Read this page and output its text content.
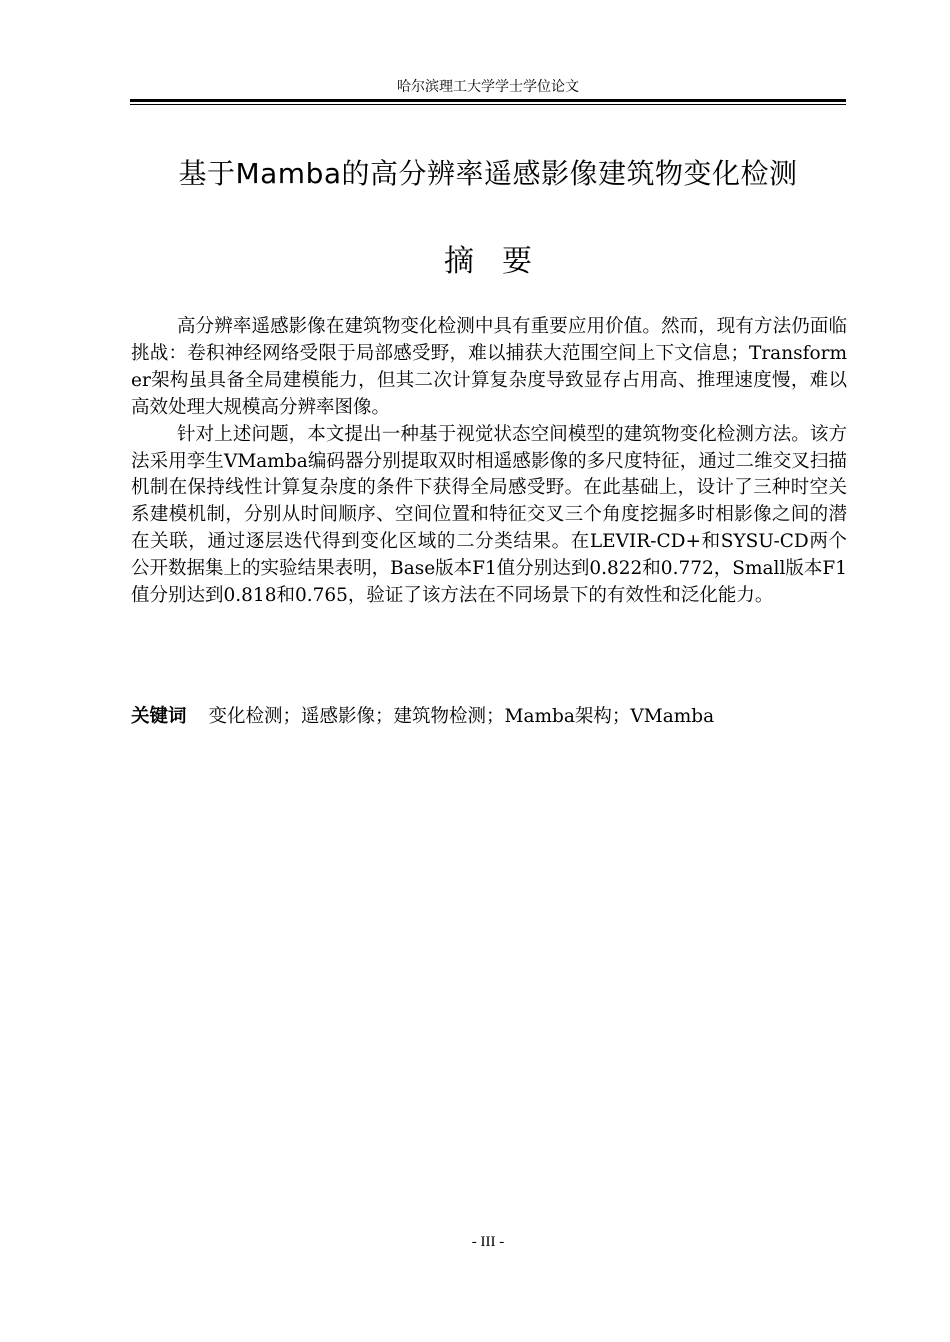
哈尔滨理工大学学士学位论文
基于Mamba的高分辨率遥感影像建筑物变化检测
摘要

高分辨率遥感影像在建筑物变化检测中具有重要应用价值。然而，现有方法仍面临挑战：卷积神经网络受限于局部感受野，难以捕获大范围空间上下文信息；Transformer架构虽具备全局建模能力，但其二次计算复杂度导致显存占用高、推理速度慢，难以高效处理大规模高分辨率图像。

针对上述问题，本文提出一种基于视觉状态空间模型的建筑物变化检测方法。该方法采用孪生VMamba编码器分别提取双时相遥感影像的多尺度特征，通过二维交叉扫描机制在保持线性计算复杂度的条件下获得全局感受野。在此基础上，设计了三种时空关系建模机制，分别从时间顺序、空间位置和特征交叉三个角度挖掘多时相影像之间的潜在关联，通过逐层迭代得到变化区域的二分类结果。在LEVIR-CD+和SYSU-CD两个公开数据集上的实验结果表明，Base版本F1值分别达到0.822和0.772，Small版本F1值分别达到0.818和0.765，验证了该方法在不同场景下的有效性和泛化能力。

关键词 变化检测；遥感影像；建筑物检测；Mamba架构；VMamba
- III -
